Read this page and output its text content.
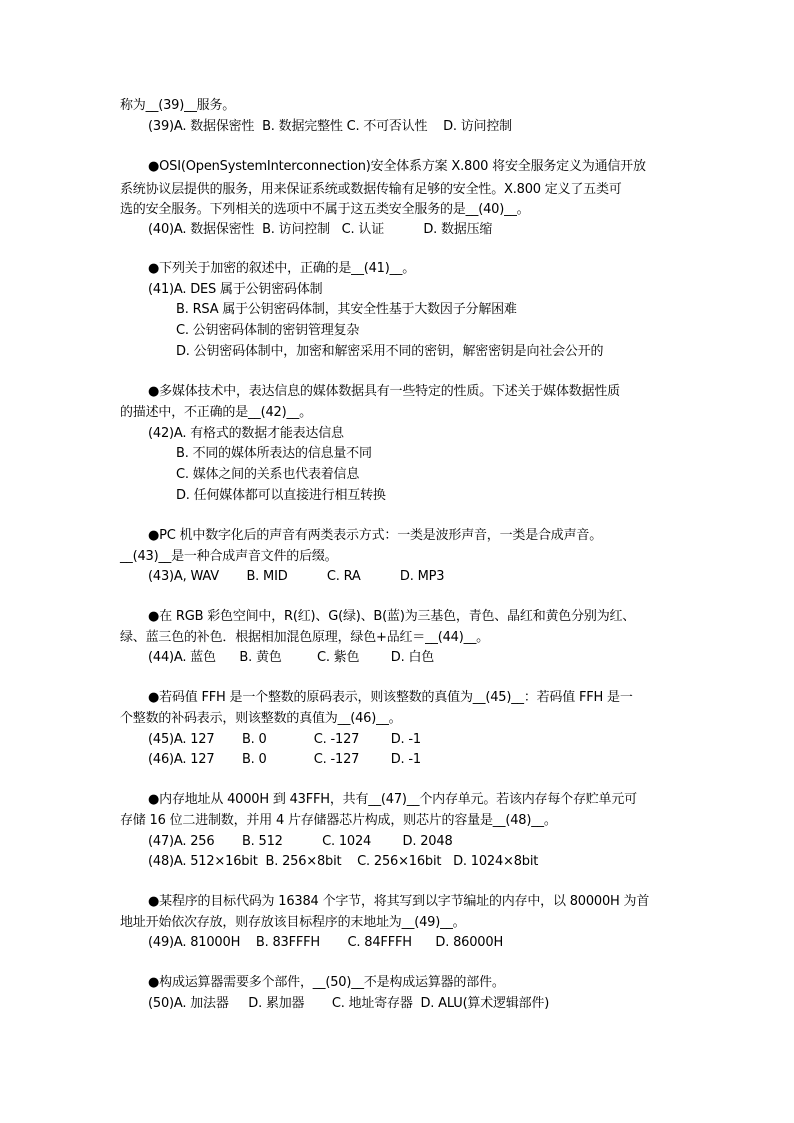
称为__(39)__服务。
(39)A. 数据保密性  B. 数据完整性 C. 不可否认性    D. 访问控制
●OSI(OpenSystemInterconnection)安全体系方案 X.800 将安全服务定义为通信开放
系统协议层提供的服务，用来保证系统或数据传输有足够的安全性。X.800 定义了五类可
选的安全服务。下列相关的选项中不属于这五类安全服务的是__(40)__。
(40)A. 数据保密性  B. 访问控制   C. 认证          D. 数据压缩
●下列关于加密的叙述中，正确的是__(41)__。
(41)A. DES 属于公钥密码体制
B. RSA 属于公钥密码体制，其安全性基于大数因子分解困难
C. 公钥密码体制的密钥管理复杂
D. 公钥密码体制中，加密和解密采用不同的密钥，解密密钥是向社会公开的
●多媒体技术中，表达信息的媒体数据具有一些特定的性质。下述关于媒体数据性质
的描述中，不正确的是__(42)__。
(42)A. 有格式的数据才能表达信息
B. 不同的媒体所表达的信息量不同
C. 媒体之间的关系也代表着信息
D. 任何媒体都可以直接进行相互转换
●PC 机中数字化后的声音有两类表示方式：一类是波形声音，一类是合成声音。
__(43)__是一种合成声音文件的后缀。
(43)A, WAV       B. MID          C. RA          D. MP3
●在 RGB 彩色空间中，R(红)、G(绿)、B(蓝)为三基色，青色、晶红和黄色分别为红、
绿、蓝三色的补色．根据相加混色原理，绿色+品红＝__(44)__。
(44)A. 蓝色      B. 黄色         C. 紫色        D. 白色
●若码值 FFH 是一个整数的原码表示，则该整数的真值为__(45)__：若码值 FFH 是一
个整数的补码表示，则该整数的真值为__(46)__。
(45)A. 127       B. 0            C. -127        D. -1
(46)A. 127       B. 0            C. -127        D. -1
●内存地址从 4000H 到 43FFH，共有__(47)__个内存单元。若该内存每个存贮单元可
存储 16 位二进制数，并用 4 片存储器芯片构成，则芯片的容量是__(48)__。
(47)A. 256       B. 512          C. 1024        D. 2048
(48)A. 512×16bit  B. 256×8bit    C. 256×16bit   D. 1024×8bit
●某程序的目标代码为 16384 个字节，将其写到以字节编址的内存中，以 80000H 为首
地址开始依次存放，则存放该目标程序的末地址为__(49)__。
(49)A. 81000H    B. 83FFFH       C. 84FFFH      D. 86000H
●构成运算器需要多个部件，__(50)__不是构成运算器的部件。
(50)A. 加法器     D. 累加器       C. 地址寄存器  D. ALU(算术逻辑部件)
